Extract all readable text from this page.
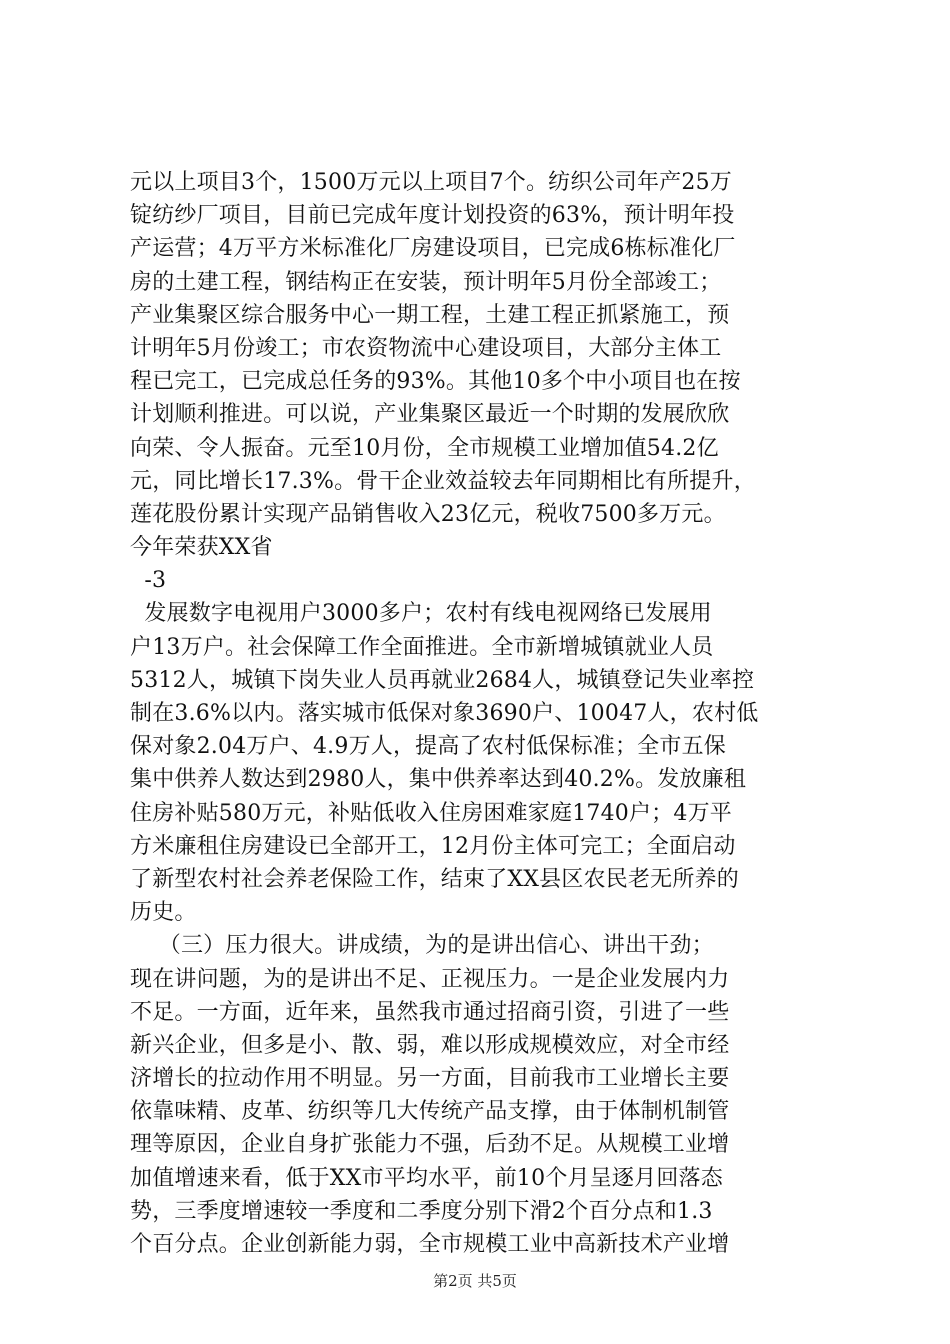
元以上项目3个，1500万元以上项目7个。纺织公司年产25万
锭纺纱厂项目，目前已完成年度计划投资的63%，预计明年投
产运营；4万平方米标准化厂房建设项目，已完成6栋标准化厂
房的土建工程，钢结构正在安装，预计明年5月份全部竣工；
产业集聚区综合服务中心一期工程，土建工程正抓紧施工，预
计明年5月份竣工；市农资物流中心建设项目，大部分主体工
程已完工，已完成总任务的93%。其他10多个中小项目也在按
计划顺利推进。可以说，产业集聚区最近一个时期的发展欣欣
向荣、令人振奋。元至10月份，全市规模工业增加值54.2亿
元，同比增长17.3%。骨干企业效益较去年同期相比有所提升，
莲花股份累计实现产品销售收入23亿元，税收7500多万元。
今年荣获XX省
-3
发展数字电视用户3000多户；农村有线电视网络已发展用
户13万户。社会保障工作全面推进。全市新增城镇就业人员
5312人，城镇下岗失业人员再就业2684人，城镇登记失业率控
制在3.6%以内。落实城市低保对象3690户、10047人，农村低
保对象2.04万户、4.9万人，提高了农村低保标准；全市五保
集中供养人数达到2980人，集中供养率达到40.2%。发放廉租
住房补贴580万元，补贴低收入住房困难家庭1740户；4万平
方米廉租住房建设已全部开工，12月份主体可完工；全面启动
了新型农村社会养老保险工作，结束了XX县区农民老无所养的
历史。
（三）压力很大。讲成绩，为的是讲出信心、讲出干劲；
现在讲问题，为的是讲出不足、正视压力。一是企业发展内力
不足。一方面，近年来，虽然我市通过招商引资，引进了一些
新兴企业，但多是小、散、弱，难以形成规模效应，对全市经
济增长的拉动作用不明显。另一方面，目前我市工业增长主要
依靠味精、皮革、纺织等几大传统产品支撑，由于体制机制管
理等原因，企业自身扩张能力不强，后劲不足。从规模工业增
加值增速来看，低于XX市平均水平，前10个月呈逐月回落态
势，三季度增速较一季度和二季度分别下滑2个百分点和1.3
个百分点。企业创新能力弱，全市规模工业中高新技术产业增
第2页 共5页
